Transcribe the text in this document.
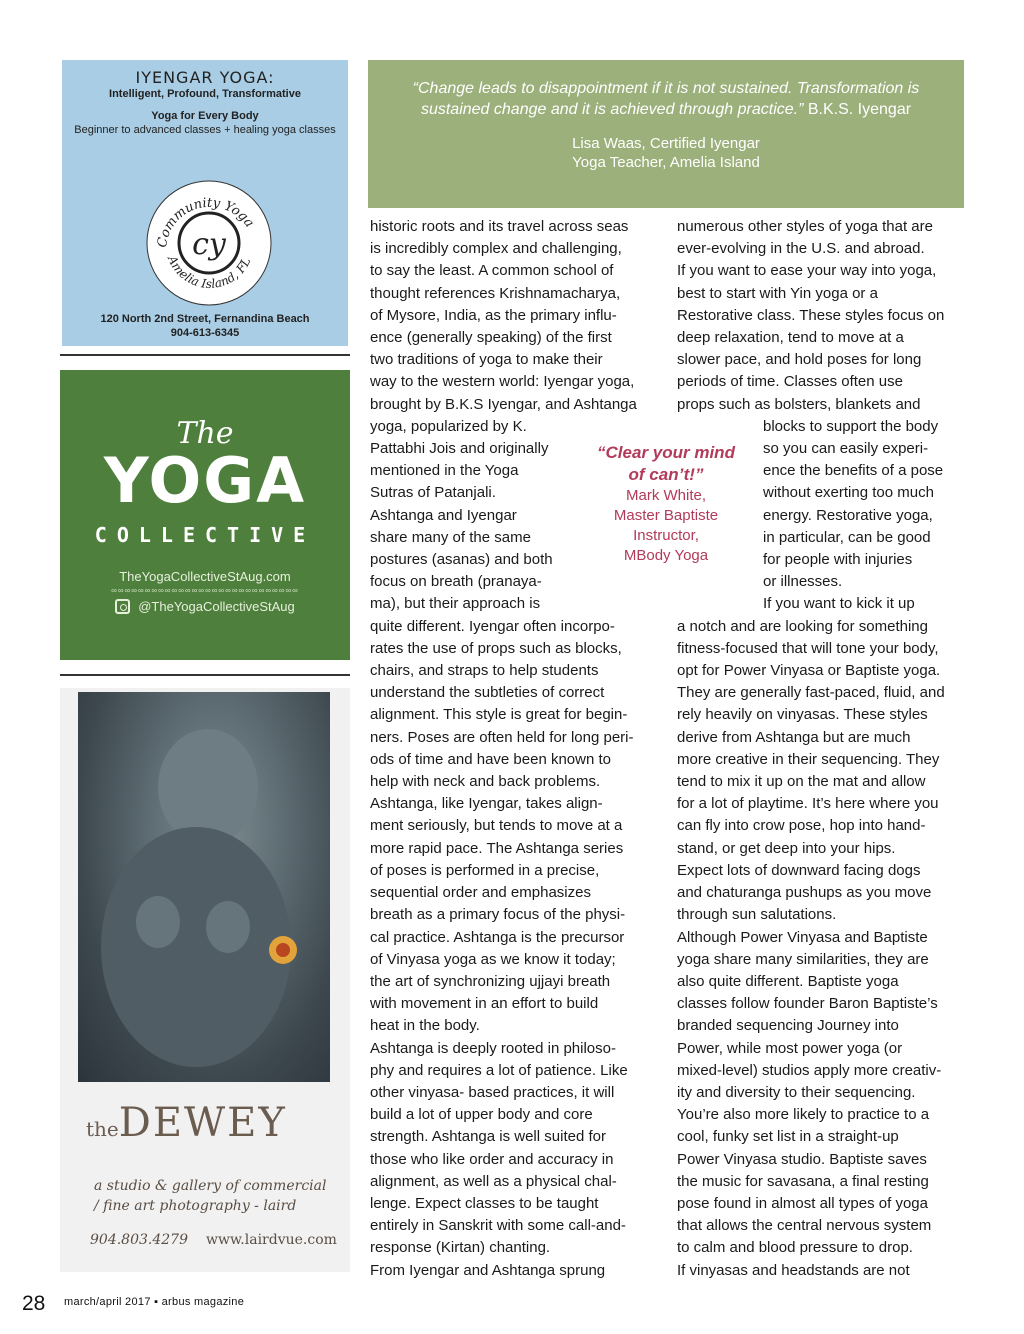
IYENGAR YOGA:
Intelligent, Profound, Transformative
Yoga for Every Body
Beginner to advanced classes + healing yoga classes
Community Yoga
Amelia Island, FL
cy
120 North 2nd Street, Fernandina Beach
904-613-6345
The
YOGA
COLLECTIVE
TheYogaCollectiveStAug.com
∞∞∞∞∞∞∞∞∞∞∞∞∞∞∞∞∞∞∞∞∞∞∞∞∞∞∞∞
@TheYogaCollectiveStAug
theDEWEY
a studio & gallery of commercial
/ fine art photography - laird
904.803.4279 www.lairdvue.com
“Change leads to disappointment if it is not sustained. Transformation is sustained change and it is achieved through practice.” B.K.S. Iyengar
Lisa Waas, Certified Iyengar
Yoga Teacher, Amelia Island

historic roots and its travel across seas
is incredibly complex and challenging,
to say the least. A common school of
thought references Krishnamacharya,
of Mysore, India, as the primary influ-
ence (generally speaking) of the first
two traditions of yoga to make their
way to the western world: Iyengar yoga,
brought by B.K.S Iyengar, and Ashtanga
yoga, popularized by K.
Pattabhi Jois and originally
mentioned in the Yoga
Sutras of Patanjali.
Ashtanga and Iyengar
share many of the same
postures (asanas) and both
focus on breath (pranaya-
ma), but their approach is

quite different. Iyengar often incorpo-
rates the use of props such as blocks,
chairs, and straps to help students
understand the subtleties of correct
alignment. This style is great for begin-
ners. Poses are often held for long peri-
ods of time and have been known to
help with neck and back problems.
Ashtanga, like Iyengar, takes align-
ment seriously, but tends to move at a
more rapid pace. The Ashtanga series
of poses is performed in a precise,
sequential order and emphasizes
breath as a primary focus of the physi-
cal practice. Ashtanga is the precursor
of Vinyasa yoga as we know it today;
the art of synchronizing ujjayi breath
with movement in an effort to build
heat in the body.
Ashtanga is deeply rooted in philoso-
phy and requires a lot of patience. Like
other vinyasa- based practices, it will
build a lot of upper body and core
strength. Ashtanga is well suited for
those who like order and accuracy in
alignment, as well as a physical chal-
lenge. Expect classes to be taught
entirely in Sanskrit with some call-and-
response (Kirtan) chanting.
From Iyengar and Ashtanga sprung

“Clear your mind
of can’t!”
Mark White,
Master Baptiste
Instructor,
MBody Yoga

numerous other styles of yoga that are
ever-evolving in the U.S. and abroad.
If you want to ease your way into yoga,
best to start with Yin yoga or a
Restorative class. These styles focus on
deep relaxation, tend to move at a
slower pace, and hold poses for long
periods of time. Classes often use
props such as bolsters, blankets and

blocks to support the body
so you can easily experi-
ence the benefits of a pose
without exerting too much
energy. Restorative yoga,
in particular, can be good
for people with injuries
or illnesses.
If you want to kick it up

a notch and are looking for something
fitness-focused that will tone your body,
opt for Power Vinyasa or Baptiste yoga.
They are generally fast-paced, fluid, and
rely heavily on vinyasas. These styles
derive from Ashtanga but are much
more creative in their sequencing. They
tend to mix it up on the mat and allow
for a lot of playtime. It’s here where you
can fly into crow pose, hop into hand-
stand, or get deep into your hips.
Expect lots of downward facing dogs
and chaturanga pushups as you move
through sun salutations.
Although Power Vinyasa and Baptiste
yoga share many similarities, they are
also quite different. Baptiste yoga
classes follow founder Baron Baptiste’s
branded sequencing Journey into
Power, while most power yoga (or
mixed-level) studios apply more creativ-
ity and diversity to their sequencing.
You’re also more likely to practice to a
cool, funky set list in a straight-up
Power Vinyasa studio. Baptiste saves
the music for savasana, a final resting
pose found in almost all types of yoga
that allows the central nervous system
to calm and blood pressure to drop.
If vinyasas and headstands are not

28 march/april 2017 ▪ arbus magazine
